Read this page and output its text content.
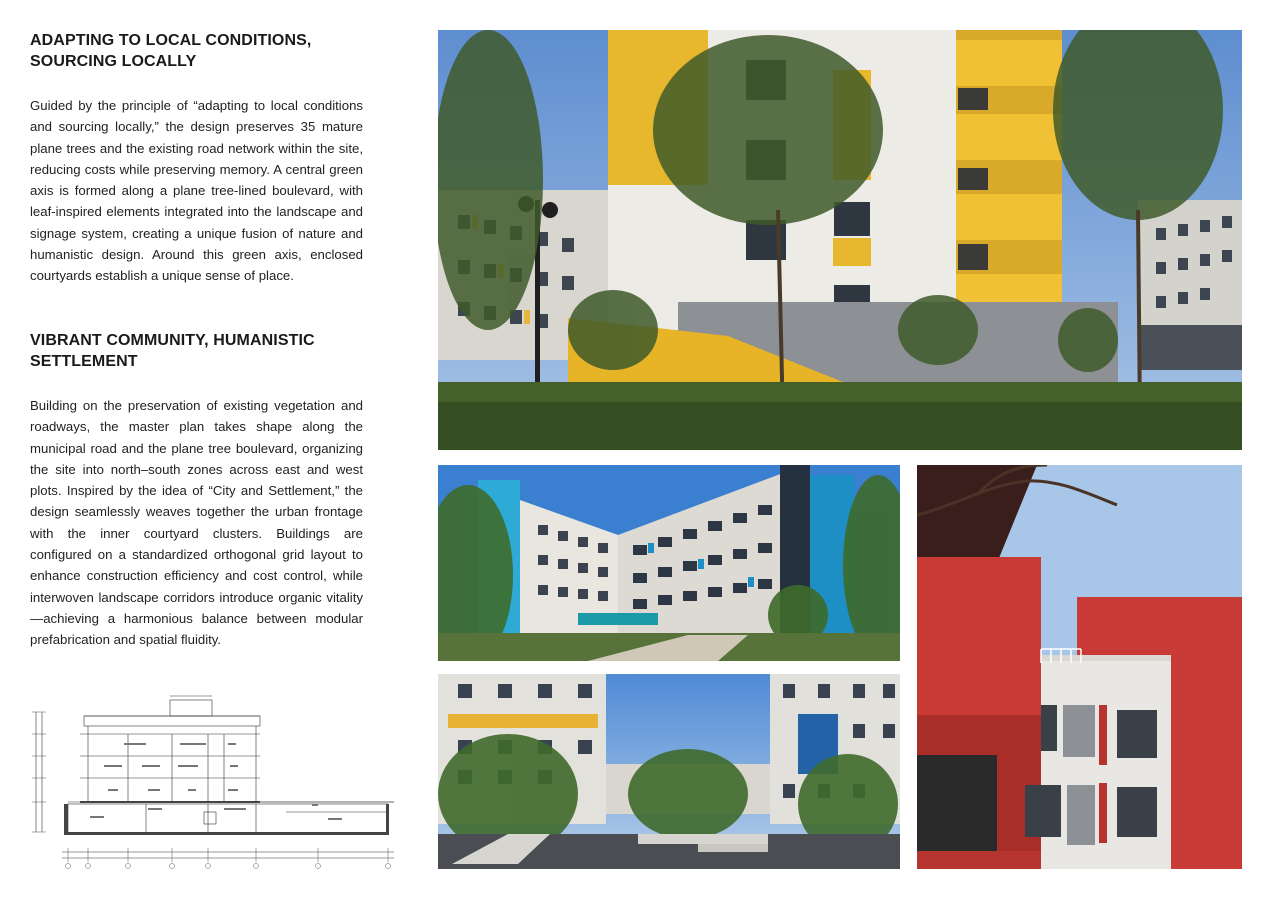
ADAPTING TO LOCAL CONDITIONS,
SOURCING LOCALLY

Guided by the principle of “adapting to local conditions and sourcing locally,” the design preserves 35 mature plane trees and the existing road network within the site, reducing costs while preserving memory. A central green axis is formed along a plane tree-lined boulevard, with leaf-inspired elements integrated into the landscape and signage system, creating a unique fusion of nature and humanistic design. Around this green axis, enclosed courtyards establish a unique sense of place.

VIBRANT COMMUNITY, HUMANISTIC
SETTLEMENT

Building on the preservation of existing vegetation and roadways, the master plan takes shape along the municipal road and the plane tree boulevard, organizing the site into north–south zones across east and west plots. Inspired by the idea of “City and Settlement,” the design seamlessly weaves together the urban frontage with the inner courtyard clusters. Buildings are configured on a standardized orthogonal grid layout to enhance construction efficiency and cost control, while interwoven landscape corridors introduce organic vitality—achieving a harmonious balance between modular prefabrication and spatial fluidity.
